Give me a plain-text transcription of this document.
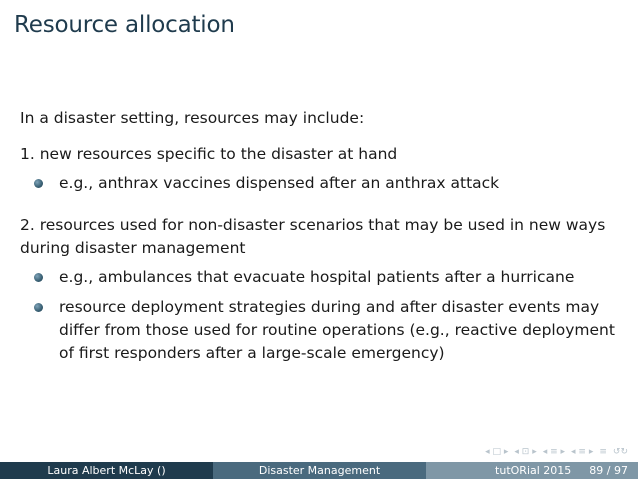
Resource allocation

In a disaster setting, resources may include:

1. new resources specific to the disaster at hand

e.g., anthrax vaccines dispensed after an anthrax attack

2. resources used for non-disaster scenarios that may be used in new ways during disaster management

e.g., ambulances that evacuate hospital patients after a hurricane
resource deployment strategies during and after disaster events may differ from those used for routine operations (e.g., reactive deployment of first responders after a large-scale emergency)
◂ □ ▸ ◂ ⊡ ▸ ◂ ≡ ▸ ◂ ≡ ▸ ≡ ↺↻
Laura Albert McLay ()	Disaster Management	tutORial 2015 89 / 97
